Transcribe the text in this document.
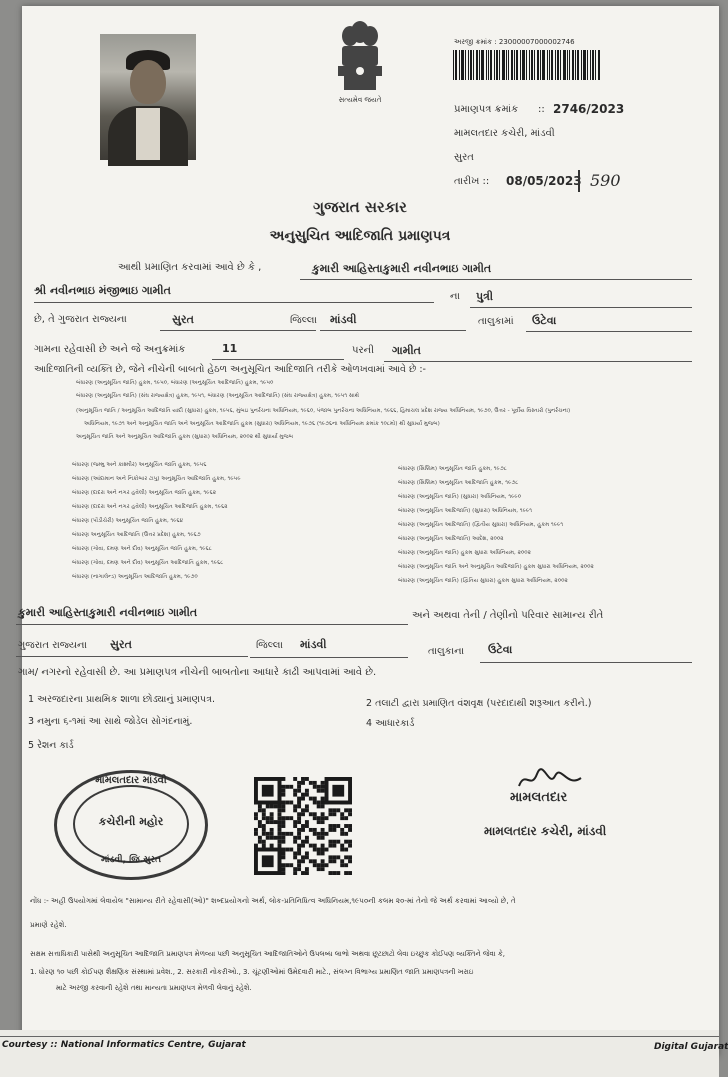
સત્યમેવ જયતે
અરજી ક્રમાંક : 23000007000002746
પ્રમાણપત્ર ક્રમાંક :: 2746/2023
મામલતદાર કચેરી, માંડવી
સુરત
તારીખ :: 08/05/2023 590
ગુજરાત સરકાર
અનુસુચિત આદિજાતિ પ્રમાણપત્ર
આથી પ્રમાણિત કરવામાં આવે છે કે ,	કુમારી આહિસ્તાકુમારી નવીનભાઇ ગામીત
શ્રી નવીનભાઇ મંજીભાઇ ગામીત	ના પુત્રી
છે, તે ગુજરાત રાજ્યના	સુરત	જિલ્લા માંડવી	તાલુકામાં ઉટેવા
ગામના રહેવાસી છે અને જે અનુક્રમાંક	11	પરની ગામીત
આદિજાતિની વ્યક્તિ છે, જેને નીચેની બાબતો હેઠળ અનુસૂચિત આદિજાતિ તરીકે ઓળખવામાં આવે છે :-
બંધારણ (અનુસૂચિત જાતિ) હુકમ, ૧૯૫૦, બંધારણ (અનુસૂચિત આદિજાતિ) હુકમ, ૧૯૫૦
બંધારણ (અનુસૂચિત જાતિ) (સંઘ રાજ્યક્ષેત્ર) હુકમ, ૧૯૫૧, બંધારણ (અનુસૂચિત આદિજાતિ) (સંઘ રાજ્યક્ષેત્ર) હુકમ, ૧૯૫૧ સાથે
(અનુસૂચિત જાતિ / અનુસૂચિત આદિજાતિ યાદી (સુધારા) હુકમ, ૧૯૫૬, મુંબઇ પુનર્રચના અધિનિયમ, ૧૯૬૦, પંજાબ પુનર્રચના અધિનિયમ, ૧૯૬૬, હિમાચલ પ્રદેશ રાજ્ય અધિનિયમ, ૧૯૭૦, ઉત્તર - પૂર્વીય વિસ્તારો (પુનર્રચના)
અધિનિયમ, ૧૯૭૧ અને અનુસૂચિત જાતિ અને અનુસૂચિત આદિજાતિ હુકમ (સુધારા) અધિનિયમ, ૧૯૭૬ (૧૯૭૬ના અધિનિયમ ક્રમાંક ૧૦૮મો) થી સુધાર્યા મુજબ)
અનુસૂચિત જાતિ અને અનુસૂચિત આદિજાતિ હુકમ (સુધારા) અધિનિયમ, ૨૦૦૨ થી સુધાર્યા મુજબ
બંધારણ (જમ્મુ અને કાશ્મીર) અનુસૂચિત જાતિ હુકમ, ૧૯૫૬
બંધારણ (આંદામાન અને નિકોબાર ટાપુ) અનુસૂચિત આદિજાતિ હુકમ, ૧૯૫૯
બંધારણ (દાદરા અને નગર હવેલી) અનુસૂચિત જાતિ હુકમ, ૧૯૬૨
બંધારણ (દાદરા અને નગર હવેલી) અનુસૂચિત આદિજાતિ હુકમ, ૧૯૬૨
બંધારણ (પોંડીચેરી) અનુસૂચિત જાતિ હુકમ, ૧૯૬૪
બંધારણ અનુસૂચિત આદિજાતિ (ઉત્તર પ્રદેશ) હુકમ, ૧૯૬૭
બંધારણ (ગોવા, દમણ અને દીવ) અનુસૂચિત જાતિ હુકમ, ૧૯૬૮
બંધારણ (ગોવા, દમણ અને દીવ) અનુસૂચિત આદિજાતિ હુકમ, ૧૯૬૮
બંધારણ (નાગાલેન્ડ) અનુસૂચિત આદિજાતિ હુકમ, ૧૯૭૦
બંધારણ (સિક્કિમ) અનુસૂચિત જાતિ હુકમ, ૧૯૭૮
બંધારણ (સિક્કિમ) અનુસૂચિત આદિજાતિ હુકમ, ૧૯૭૮
બંધારણ (અનુસૂચિત જાતિ) (સુધારા) અધિનિયમ, ૧૯૯૦
બંધારણ (અનુસૂચિત આદિજાતિ) (સુધારા) અધિનિયમ, ૧૯૯૧
બંધારણ (અનુસૂચિત આદિજાતિ) (દ્વિતીય સુધારા) અધિનિયમ, હુકમ ૧૯૯૧
બંધારણ (અનુસૂચિત આદિજાતિ) આદેશ, ૨૦૦૨
બંધારણ (અનુસૂચિત જાતિ) હુકમ સુધારા અધિનિયમ, ૨૦૦૨
બંધારણ (અનુસૂચિત જાતિ અને અનુસૂચિત આદિજાતિ) હુકમ સુધારા અધિનિયમ, ૨૦૦૨
બંધારણ (અનુસૂચિત જાતિ) (દ્વિતિય સુધારા) હુકમ સુધારા અધિનિયમ, ૨૦૦૨
કુમારી આહિસ્તાકુમારી નવીનભાઇ ગામીત	અને અથવા તેની / તેણીનો પરિવાર સામાન્ય રીતે
ગુજરાત રાજ્યના સુરત	જિલ્લા માંડવી
તાલુકાના ઉટેવા
ગામ/ નગરનો રહેવાસી છે. આ પ્રમાણપત્ર નીચેની બાબતોના આધારે કાઢી આપવામાં આવે છે.
1 અરજદારના પ્રાથમિક શાળા છોડ્યાનું પ્રમાણપત્ર.	2 તલાટી દ્વારા પ્રમાણિત વંશવૃક્ષ (પરદાદાથી શરૂઆત કરીને.)
3 નમુના ૬-૧માં આ સાથે જોડેલ સોગંદનામું.	4 આધારકાર્ડ
5 રેશન કાર્ડ
મામલતદાર માંડવી
કચેરીની મહોર
માંડવી, જિ.સુરત
મામલતદાર
મામલતદાર કચેરી, માંડવી
નોંધ :- અહી ઉપયોગમાં લેવાયેલ "સામાન્ય રીતે રહેવાસી(ઓ)" શબ્દપ્રયોગનો અર્થ, લોક-પ્રતિનિધિત્વ અધિનિયમ,૧૯૫૦ની કલમ ૨૦-માં તેનો જે અર્થ કરવામાં આવ્યો છે, તે
પ્રમાણે રહેશે.
સક્ષમ સત્તાધિકારી પાસેથી અનુસૂચિત આદિજાતિ પ્રમાણપત્ર મેળવ્યા પછી અનુસૂચિત આદિજાતિઓને ઉપલબ્ધ લાભો અથવા છૂટછાટો લેવા ઇચ્છુક કોઈપણ વ્યક્તિને જેવા કે,
1. ધોરણ ૧૦ પછી કોઈપણ શૈક્ષણિક સંસ્થામાં પ્રવેશ., 2. સરકારી નોકરીઓ., 3. ચૂંટણીઓમાં ઉમેદવારી માટે., સંલગ્ન વિભાગ્ય પ્રમાણિત જાતિ પ્રમાણપત્રની ખરાઇ
માટે અરજી કરવાની રહેશે તથા માન્યતા પ્રમાણપત્ર મેળવી લેવાનું રહેશે.
Courtesy :: National Informatics Centre, Gujarat	Digital Gujarat
